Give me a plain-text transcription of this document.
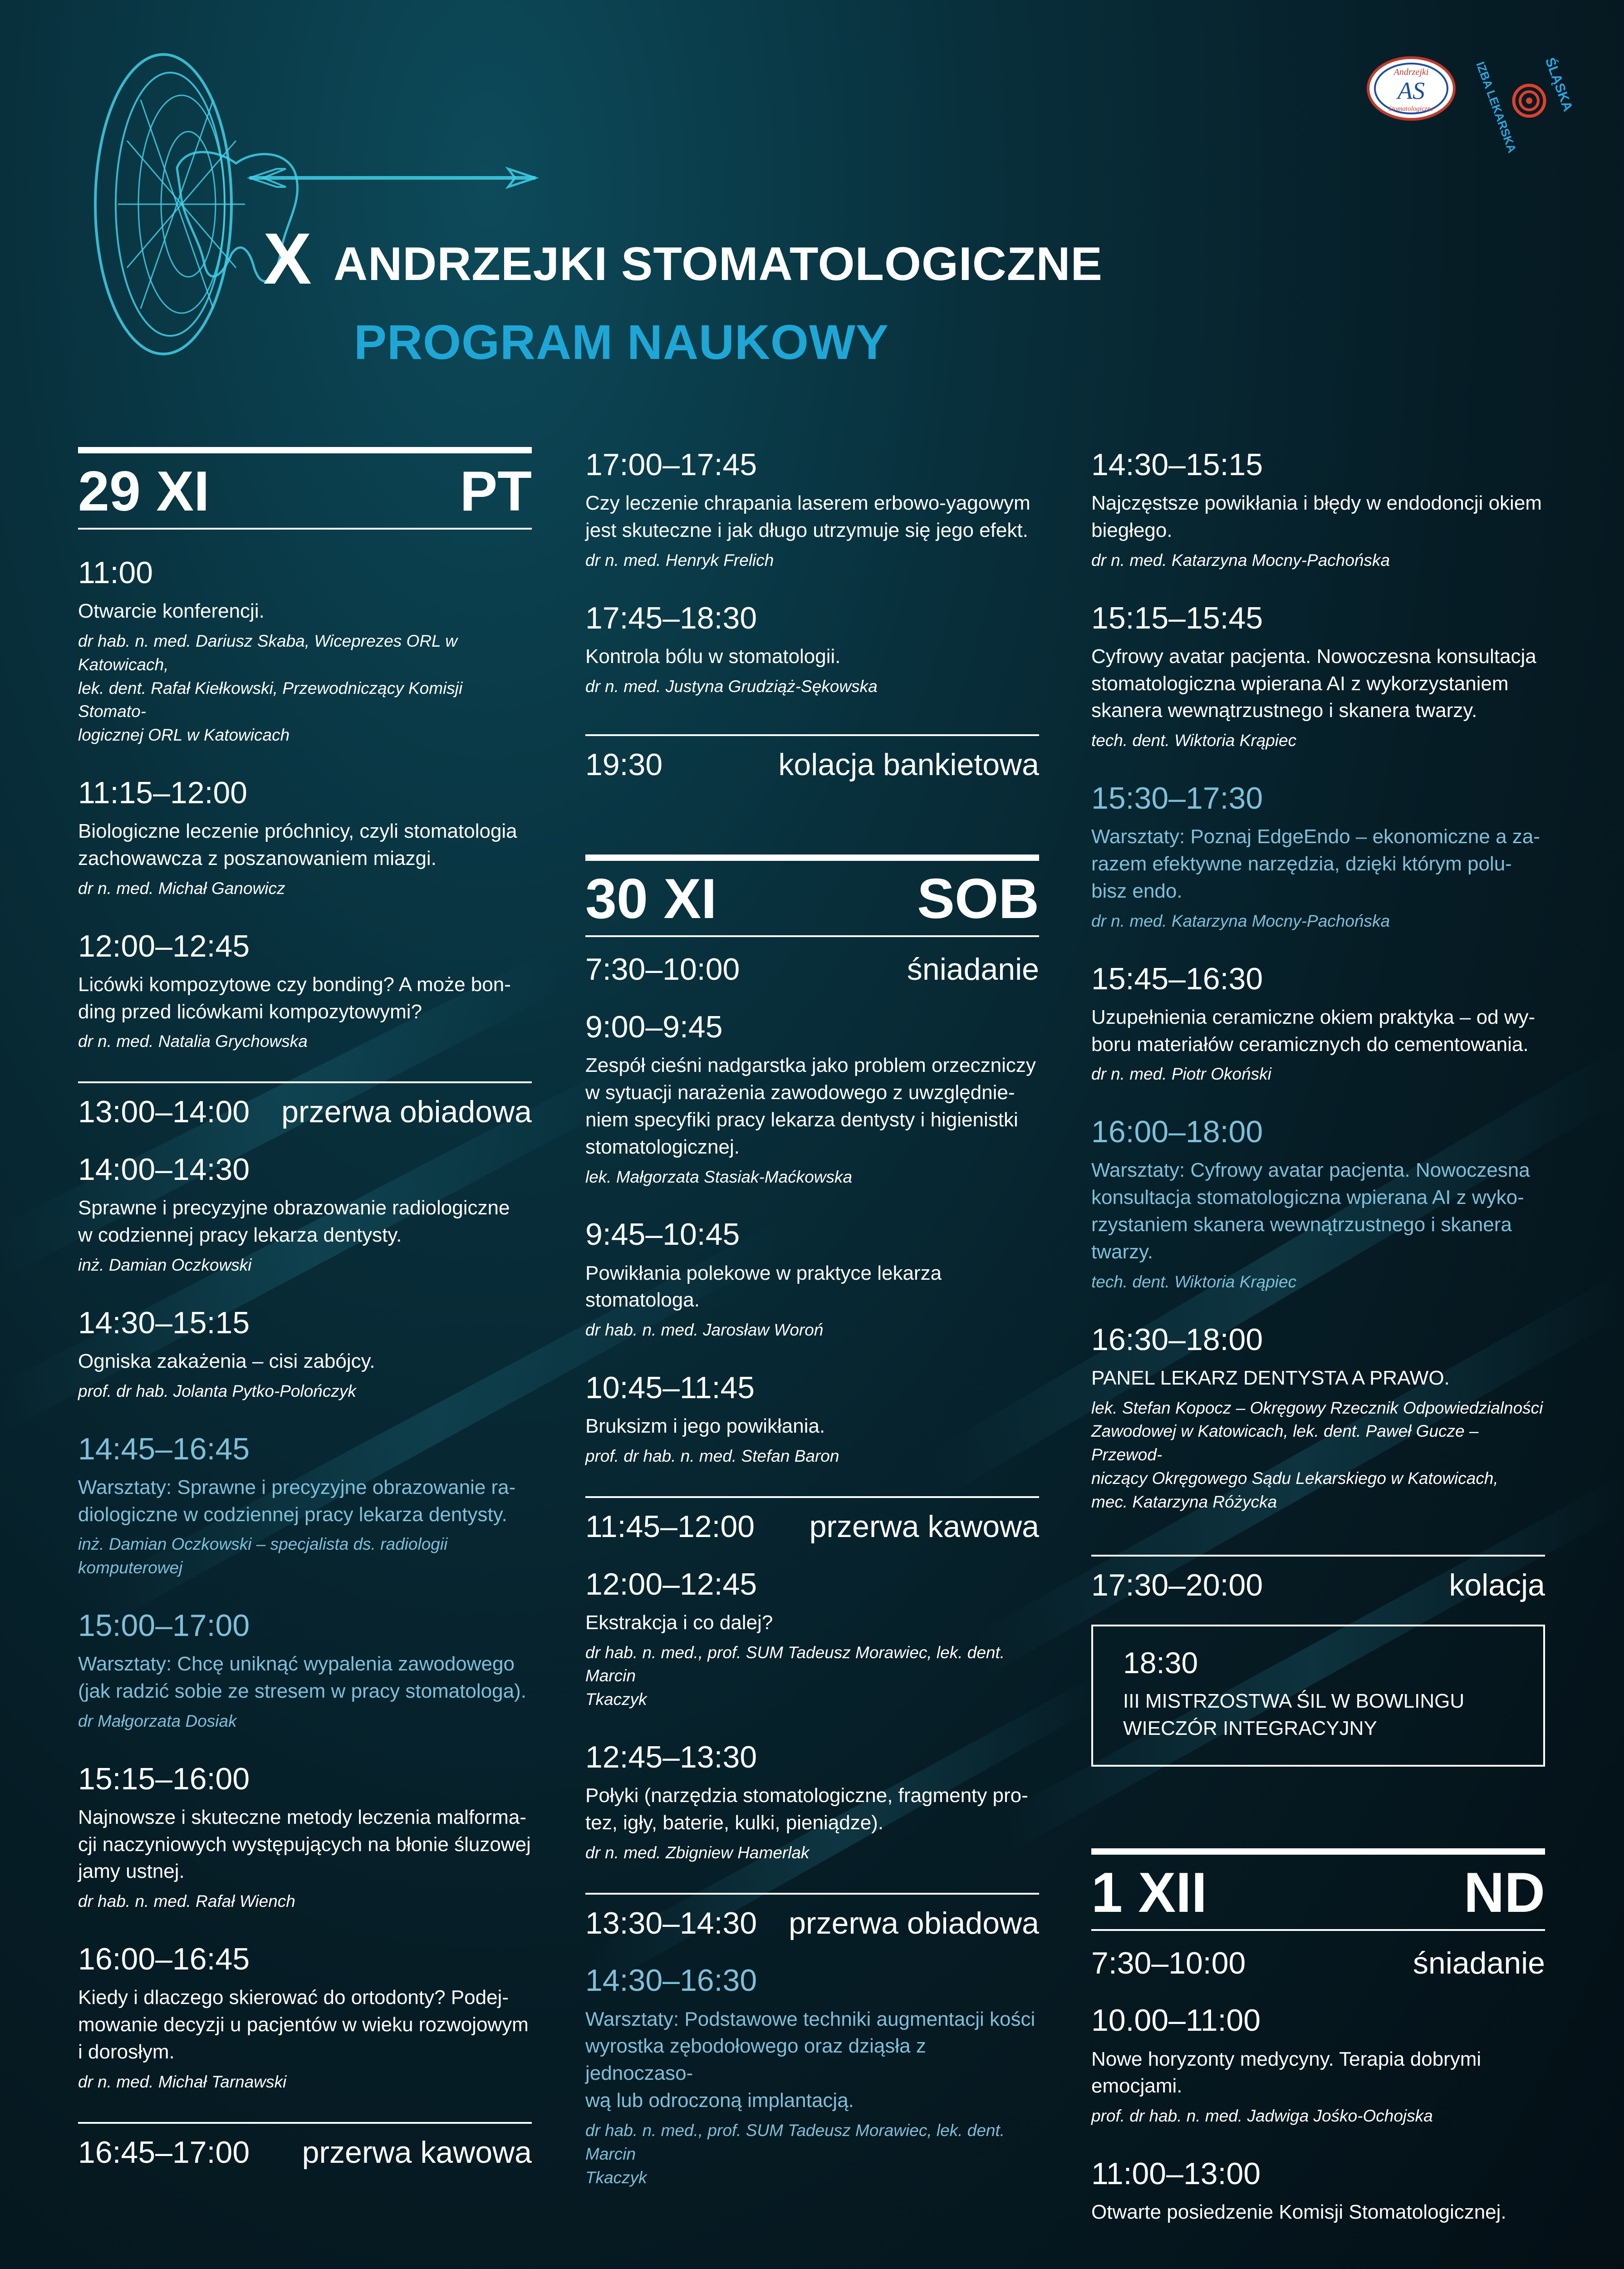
X ANDRZEJKI STOMATOLOGICZNE
PROGRAM NAUKOWY
Andrzejki
AS
Stomatologiczne	ŚLĄSKA
IZBA LEKARSKA
29 XI	PT
11:00
Otwarcie konferencji.
dr hab. n. med. Dariusz Skaba, Wiceprezes ORL w Katowicach,
lek. dent. Rafał Kiełkowski, Przewodniczący Komisji Stomato-
logicznej ORL w Katowicach
11:15–12:00
Biologiczne leczenie próchnicy, czyli stomatologia
zachowawcza z poszanowaniem miazgi.
dr n. med. Michał Ganowicz
12:00–12:45
Licówki kompozytowe czy bonding? A może bon-
ding przed licówkami kompozytowymi?
dr n. med. Natalia Grychowska
13:00–14:00 przerwa obiadowa
14:00–14:30
Sprawne i precyzyjne obrazowanie radiologiczne
w codziennej pracy lekarza dentysty.
inż. Damian Oczkowski
14:30–15:15
Ogniska zakażenia – cisi zabójcy.
prof. dr hab. Jolanta Pytko-Polończyk
14:45–16:45
Warsztaty: Sprawne i precyzyjne obrazowanie ra-
diologiczne w codziennej pracy lekarza dentysty.
inż. Damian Oczkowski – specjalista ds. radiologii komputerowej
15:00–17:00
Warsztaty: Chcę uniknąć wypalenia zawodowego
(jak radzić sobie ze stresem w pracy stomatologa).
dr Małgorzata Dosiak
15:15–16:00
Najnowsze i skuteczne metody leczenia malforma-
cji naczyniowych występujących na błonie śluzowej
jamy ustnej.
dr hab. n. med. Rafał Wiench
16:00–16:45
Kiedy i dlaczego skierować do ortodonty? Podej-
mowanie decyzji u pacjentów w wieku rozwojowym
i dorosłym.
dr n. med. Michał Tarnawski
16:45–17:00 przerwa kawowa
17:00–17:45
Czy leczenie chrapania laserem erbowo-yagowym
jest skuteczne i jak długo utrzymuje się jego efekt.
dr n. med. Henryk Frelich
17:45–18:30
Kontrola bólu w stomatologii.
dr n. med. Justyna Grudziąż-Sękowska
19:30	kolacja bankietowa
30 XI	SOB
7:30–10:00	śniadanie
9:00–9:45
Zespół cieśni nadgarstka jako problem orzeczniczy
w sytuacji narażenia zawodowego z uwzględnie-
niem specyfiki pracy lekarza dentysty i higienistki
stomatologicznej.
lek. Małgorzata Stasiak-Maćkowska
9:45–10:45
Powikłania polekowe w praktyce lekarza stomatologa.
dr hab. n. med. Jarosław Woroń
10:45–11:45
Bruksizm i jego powikłania.
prof. dr hab. n. med. Stefan Baron
11:45–12:00 przerwa kawowa
12:00–12:45
Ekstrakcja i co dalej?
dr hab. n. med., prof. SUM Tadeusz Morawiec, lek. dent. Marcin
Tkaczyk
12:45–13:30
Połyki (narzędzia stomatologiczne, fragmenty pro-
tez, igły, baterie, kulki, pieniądze).
dr n. med. Zbigniew Hamerlak
13:30–14:30 przerwa obiadowa
14:30–16:30
Warsztaty: Podstawowe techniki augmentacji kości
wyrostka zębodołowego oraz dziąsła z jednoczaso-
wą lub odroczoną implantacją.
dr hab. n. med., prof. SUM Tadeusz Morawiec, lek. dent. Marcin
Tkaczyk
14:30–15:15
Najczęstsze powikłania i błędy w endodoncji okiem
biegłego.
dr n. med. Katarzyna Mocny-Pachońska
15:15–15:45
Cyfrowy avatar pacjenta. Nowoczesna konsultacja
stomatologiczna wpierana AI z wykorzystaniem
skanera wewnątrzustnego i skanera twarzy.
tech. dent. Wiktoria Krąpiec
15:30–17:30
Warsztaty: Poznaj EdgeEndo – ekonomiczne a za-
razem efektywne narzędzia, dzięki którym polu-
bisz endo.
dr n. med. Katarzyna Mocny-Pachońska
15:45–16:30
Uzupełnienia ceramiczne okiem praktyka – od wy-
boru materiałów ceramicznych do cementowania.
dr n. med. Piotr Okoński
16:00–18:00
Warsztaty: Cyfrowy avatar pacjenta. Nowoczesna
konsultacja stomatologiczna wpierana AI z wyko-
rzystaniem skanera wewnątrzustnego i skanera
twarzy.
tech. dent. Wiktoria Krąpiec
16:30–18:00
PANEL LEKARZ DENTYSTA A PRAWO.
lek. Stefan Kopocz – Okręgowy Rzecznik Odpowiedzialności
Zawodowej w Katowicach, lek. dent. Paweł Gucze – Przewod-
niczący Okręgowego Sądu Lekarskiego w Katowicach,
mec. Katarzyna Różycka
17:30–20:00	kolacja
18:30
III MISTRZOSTWA ŚIL W BOWLINGU
WIECZÓR INTEGRACYJNY
1 XII	ND
7:30–10:00	śniadanie
10.00–11:00
Nowe horyzonty medycyny. Terapia dobrymi
emocjami.
prof. dr hab. n. med. Jadwiga Jośko-Ochojska
11:00–13:00
Otwarte posiedzenie Komisji Stomatologicznej.
